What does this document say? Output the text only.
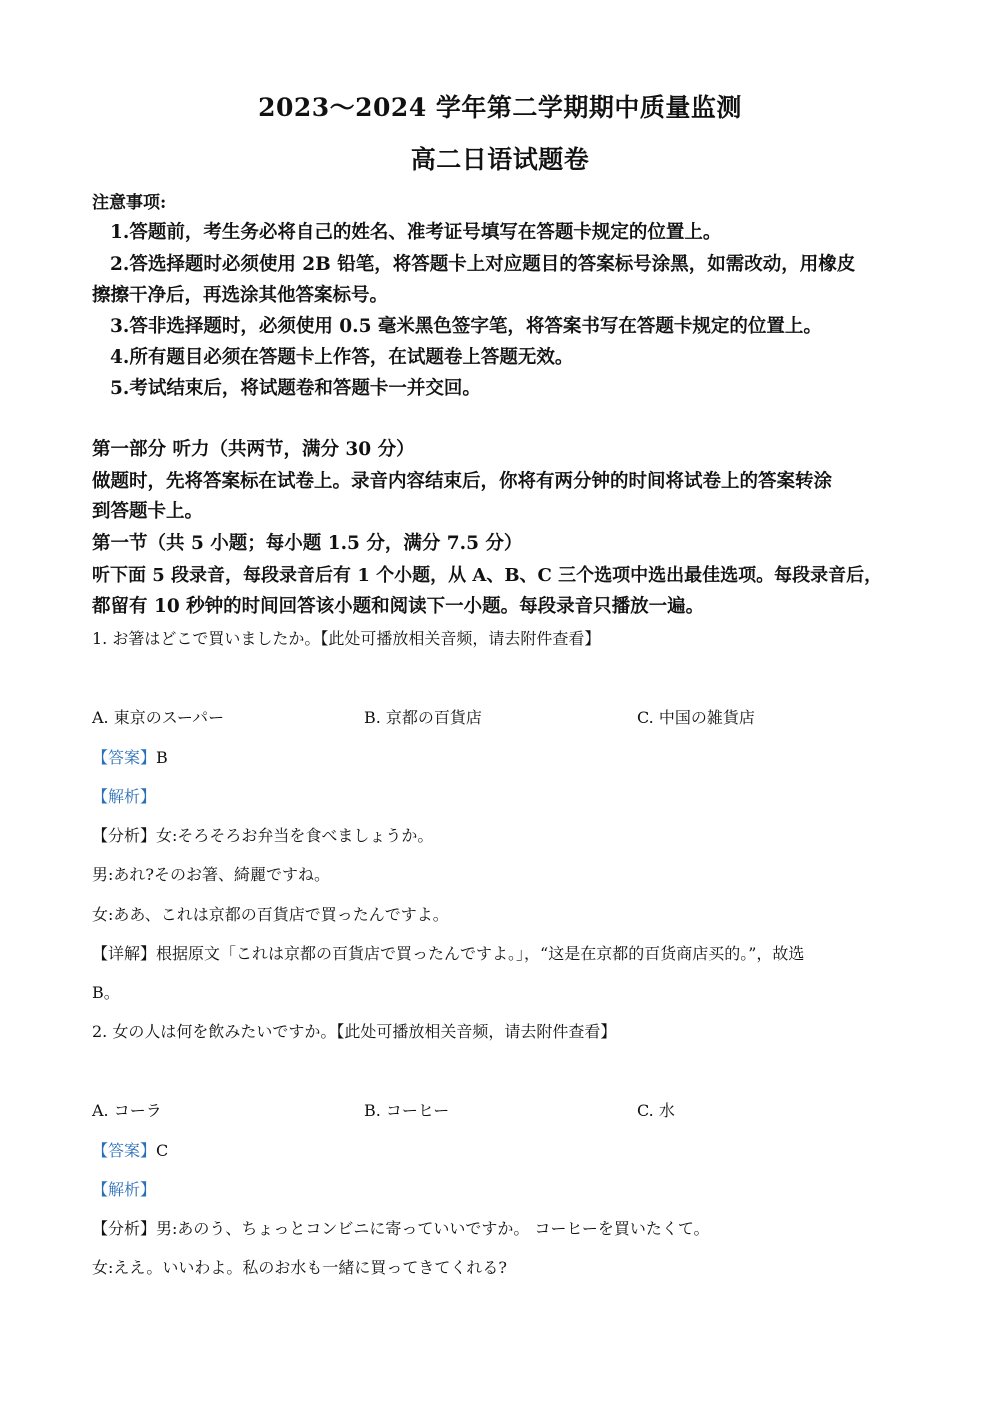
2023～2024 学年第二学期期中质量监测
高二日语试题卷
注意事项:
1.答题前，考生务必将自己的姓名、准考证号填写在答题卡规定的位置上。
2.答选择题时必须使用 2B 铅笔，将答题卡上对应题目的答案标号涂黑，如需改动，用橡皮
擦擦干净后，再选涂其他答案标号。
3.答非选择题时，必须使用 0.5 毫米黑色签字笔，将答案书写在答题卡规定的位置上。
4.所有题目必须在答题卡上作答，在试题卷上答题无效。
5.考试结束后，将试题卷和答题卡一并交回。
第一部分 听力（共两节，满分 30 分）
做题时，先将答案标在试卷上。录音内容结束后，你将有两分钟的时间将试卷上的答案转涂
到答题卡上。
第一节（共 5 小题；每小题 1.5 分，满分 7.5 分）
听下面 5 段录音，每段录音后有 1 个小题，从 A、B、C 三个选项中选出最佳选项。每段录音后，
都留有 10 秒钟的时间回答该小题和阅读下一小题。每段录音只播放一遍。
1. お箸はどこで買いましたか。【此处可播放相关音频，请去附件查看】
A. 東京のスーパー	B. 京都の百貨店	C. 中国の雑貨店
【答案】B
【解析】
【分析】女:そろそろお弁当を食べましょうか。
男:あれ?そのお箸、綺麗ですね。
女:ああ、これは京都の百貨店で買ったんですよ。
【详解】根据原文「これは京都の百貨店で買ったんですよ。」，“这是在京都的百货商店买的。”，故选
B。
2. 女の人は何を飲みたいですか。【此处可播放相关音频，请去附件查看】
A. コーラ	B. コーヒー	C. 水
【答案】C
【解析】
【分析】男:あのう、ちょっとコンビニに寄っていいですか。 コーヒーを買いたくて。
女:ええ。いいわよ。私のお水も一緒に買ってきてくれる?
